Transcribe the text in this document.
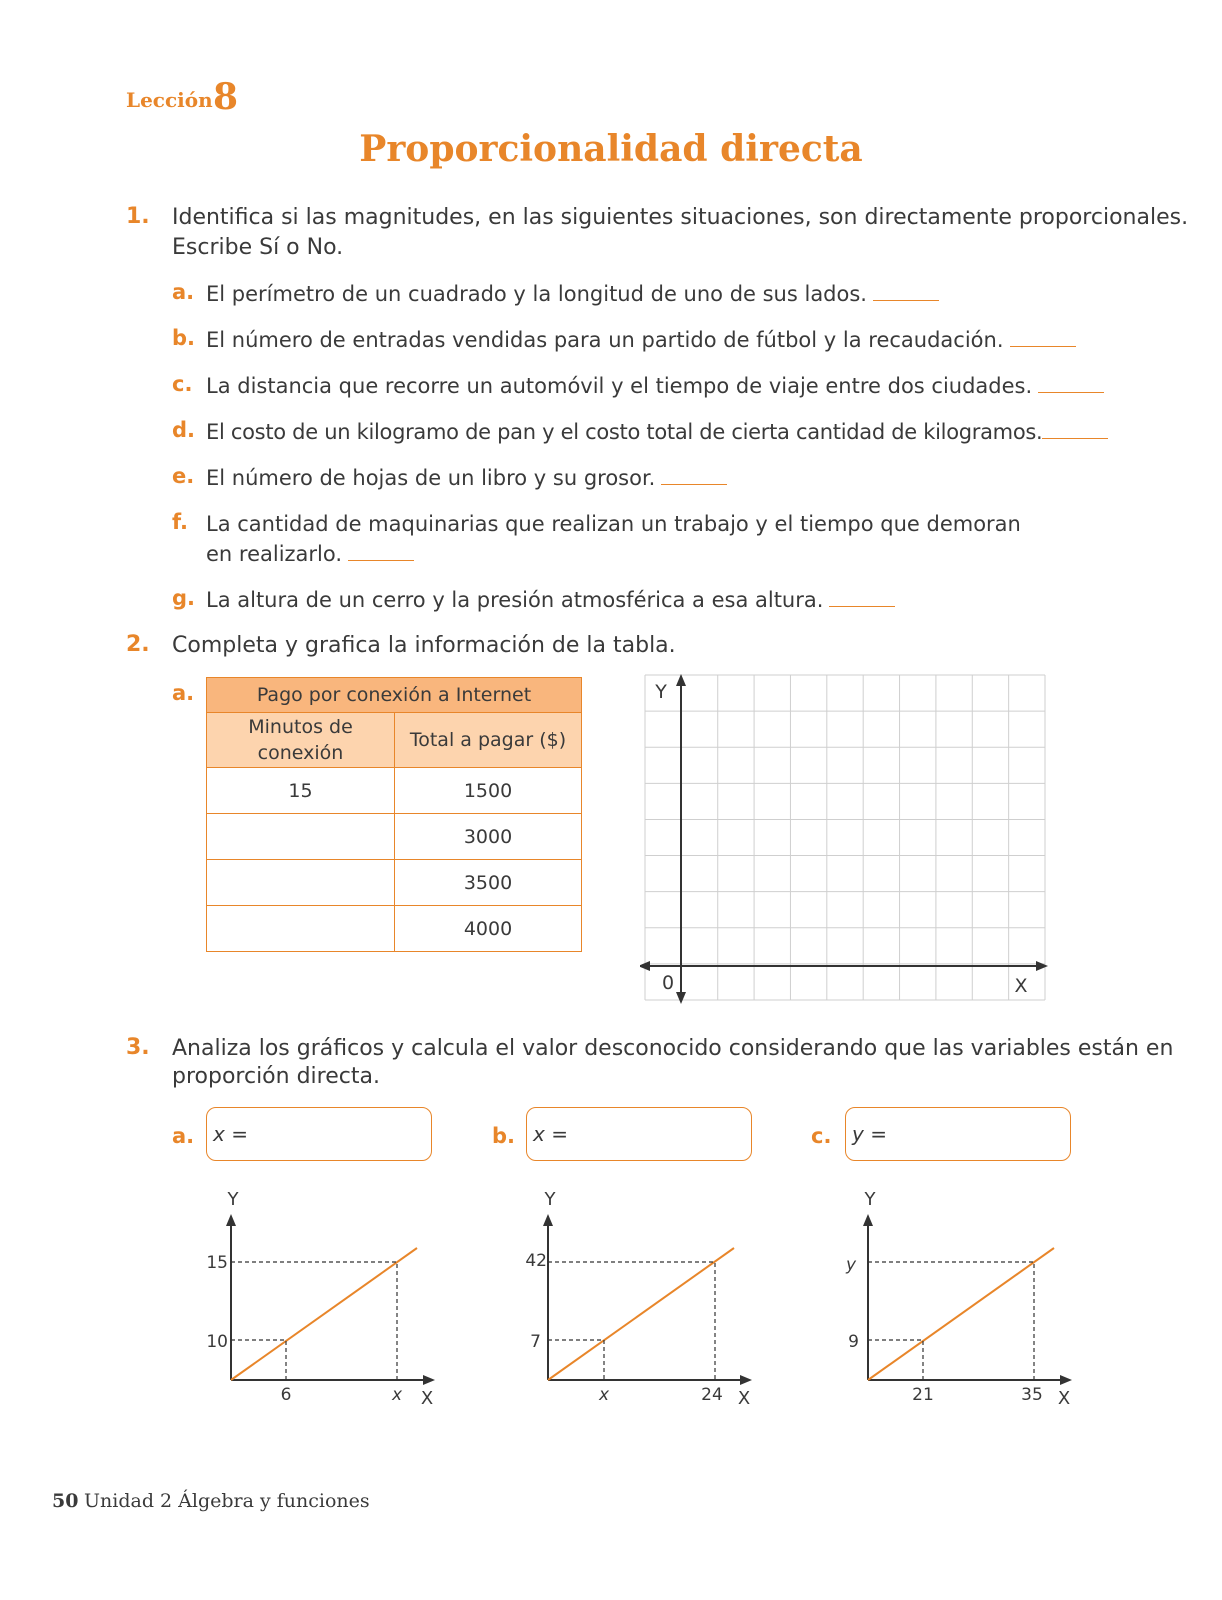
Lección 8
Proporcionalidad directa
1. Identifica si las magnitudes, en las siguientes situaciones, son directamente proporcionales.
Escribe Sí o No.
a. El perímetro de un cuadrado y la longitud de uno de sus lados.
b. El número de entradas vendidas para un partido de fútbol y la recaudación.
c. La distancia que recorre un automóvil y el tiempo de viaje entre dos ciudades.
d. El costo de un kilogramo de pan y el costo total de cierta cantidad de kilogramos.
e. El número de hojas de un libro y su grosor.
f. La cantidad de maquinarias que realizan un trabajo y el tiempo que demoran
en realizarlo.
g. La altura de un cerro y la presión atmosférica a esa altura.
2. Completa y grafica la información de la tabla.
a.	Pago por conexión a Internet	

Minutos de
conexión	Total a pagar ($)
15	1500
	3000
	3500
	4000
Y
X
0
3. Analiza los gráficos y calcula el valor desconocido considerando que las variables están en
proporción directa.
a. x =
Y
X
15
10
6	x
b. x =
Y
X
42
7
x	24
c.	y =
Y
X
y
9
21	35
50 Unidad 2 Álgebra y funciones
